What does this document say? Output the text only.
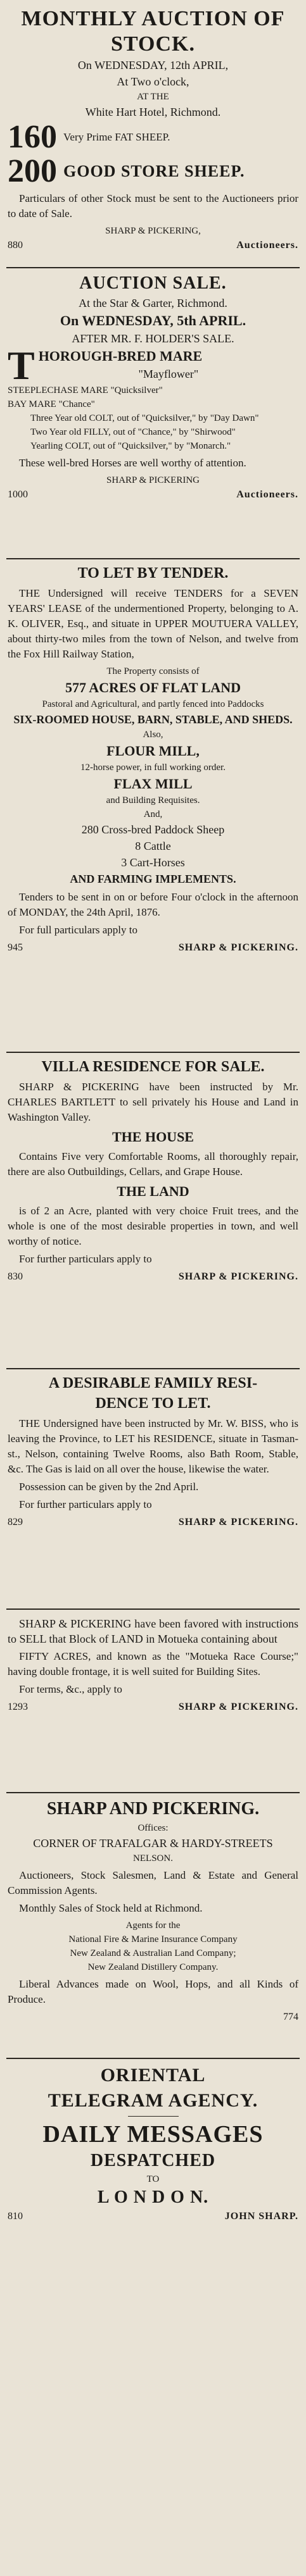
MONTHLY AUCTION OF
STOCK.
On WEDNESDAY, 12th APRIL,
At Two o'clock,
AT THE
White Hart Hotel, Richmond.
160 Very Prime FAT SHEEP.
200 GOOD STORE SHEEP.
Particulars of other Stock must be sent to the Auctioneers prior to date of Sale.
SHARP & PICKERING,
880	Auctioneers.
AUCTION SALE.
At the Star & Garter, Richmond.
On WEDNESDAY, 5th APRIL.
AFTER MR. F. HOLDER'S SALE.
T HOROUGH-BRED MARE
"Mayflower"
STEEPLECHASE MARE "Quicksilver"
BAY MARE "Chance"
Three Year old COLT, out of "Quicksilver," by "Day Dawn"
Two Year old FILLY, out of "Chance," by "Shirwood"
Yearling COLT, out of "Quicksilver," by "Monarch."
These well-bred Horses are well worthy of attention.
SHARP & PICKERING
1000	Auctioneers.
TO LET BY TENDER.
THE Undersigned will receive TENDERS for a SEVEN YEARS' LEASE of the undermentioned Property, belonging to A. K. OLIVER, Esq., and situate in UPPER MOUTUERA VALLEY, about thirty-two miles from the town of Nelson, and twelve from the Fox Hill Railway Station,
The Property consists of
577 ACRES OF FLAT LAND
Pastoral and Agricultural, and partly fenced into Paddocks
SIX-ROOMED HOUSE, BARN, STABLE, AND SHEDS.
Also,
FLOUR MILL,
12-horse power, in full working order.
FLAX MILL
and Building Requisites.
And,
280 Cross-bred Paddock Sheep
8 Cattle
3 Cart-Horses
AND FARMING IMPLEMENTS.
Tenders to be sent in on or before Four o'clock in the afternoon of MONDAY, the 24th April, 1876.
For full particulars apply to
945	SHARP & PICKERING.
VILLA RESIDENCE FOR SALE.
SHARP & PICKERING have been instructed by Mr. CHARLES BARTLETT to sell privately his House and Land in Washington Valley.
THE HOUSE
Contains Five very Comfortable Rooms, all thoroughly repair, there are also Outbuildings, Cellars, and Grape House.
THE LAND
is of 2 an Acre, planted with very choice Fruit trees, and the whole is one of the most desirable properties in town, and well worthy of notice.
For further particulars apply to
830	SHARP & PICKERING.
A DESIRABLE FAMILY RESI-
DENCE TO LET.
THE Undersigned have been instructed by Mr. W. BISS, who is leaving the Province, to LET his RESIDENCE, situate in Tasman-st., Nelson, containing Twelve Rooms, also Bath Room, Stable, &c. The Gas is laid on all over the house, likewise the water.
Possession can be given by the 2nd April.
For further particulars apply to
829	SHARP & PICKERING.
SHARP & PICKERING have been favored with instructions to SELL that Block of LAND in Motueka containing about
FIFTY ACRES, and known as the "Motueka Race Course;" having double frontage, it is well suited for Building Sites.
For terms, &c., apply to
1293	SHARP & PICKERING.
SHARP AND PICKERING.
Offices:
CORNER OF TRAFALGAR & HARDY-STREETS
NELSON.
Auctioneers, Stock Salesmen, Land & Estate and General Commission Agents.
Monthly Sales of Stock held at Richmond.
Agents for the
National Fire & Marine Insurance Company
New Zealand & Australian Land Company;
New Zealand Distillery Company.
Liberal Advances made on Wool, Hops, and all Kinds of Produce.
774
ORIENTAL
TELEGRAM AGENCY.
DAILY MESSAGES
DESPATCHED
TO
L O N D O N.
810	JOHN SHARP.
